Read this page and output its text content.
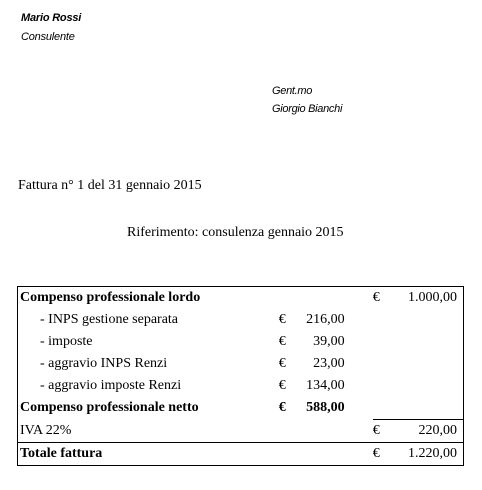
Mario Rossi
Consulente
Gent.mo
Giorgio Bianchi
Fattura n° 1 del 31 gennaio 2015
Riferimento: consulenza gennaio 2015
Compenso professionale lordo				€	1.000,00
- INPS gestione separata	€	216,00			
- imposte	€	39,00			
- aggravio INPS Renzi	€	23,00			
- aggravio imposte Renzi	€	134,00			
Compenso professionale netto	€	588,00			
IVA 22%				€	220,00
Totale fattura				€	1.220,00
